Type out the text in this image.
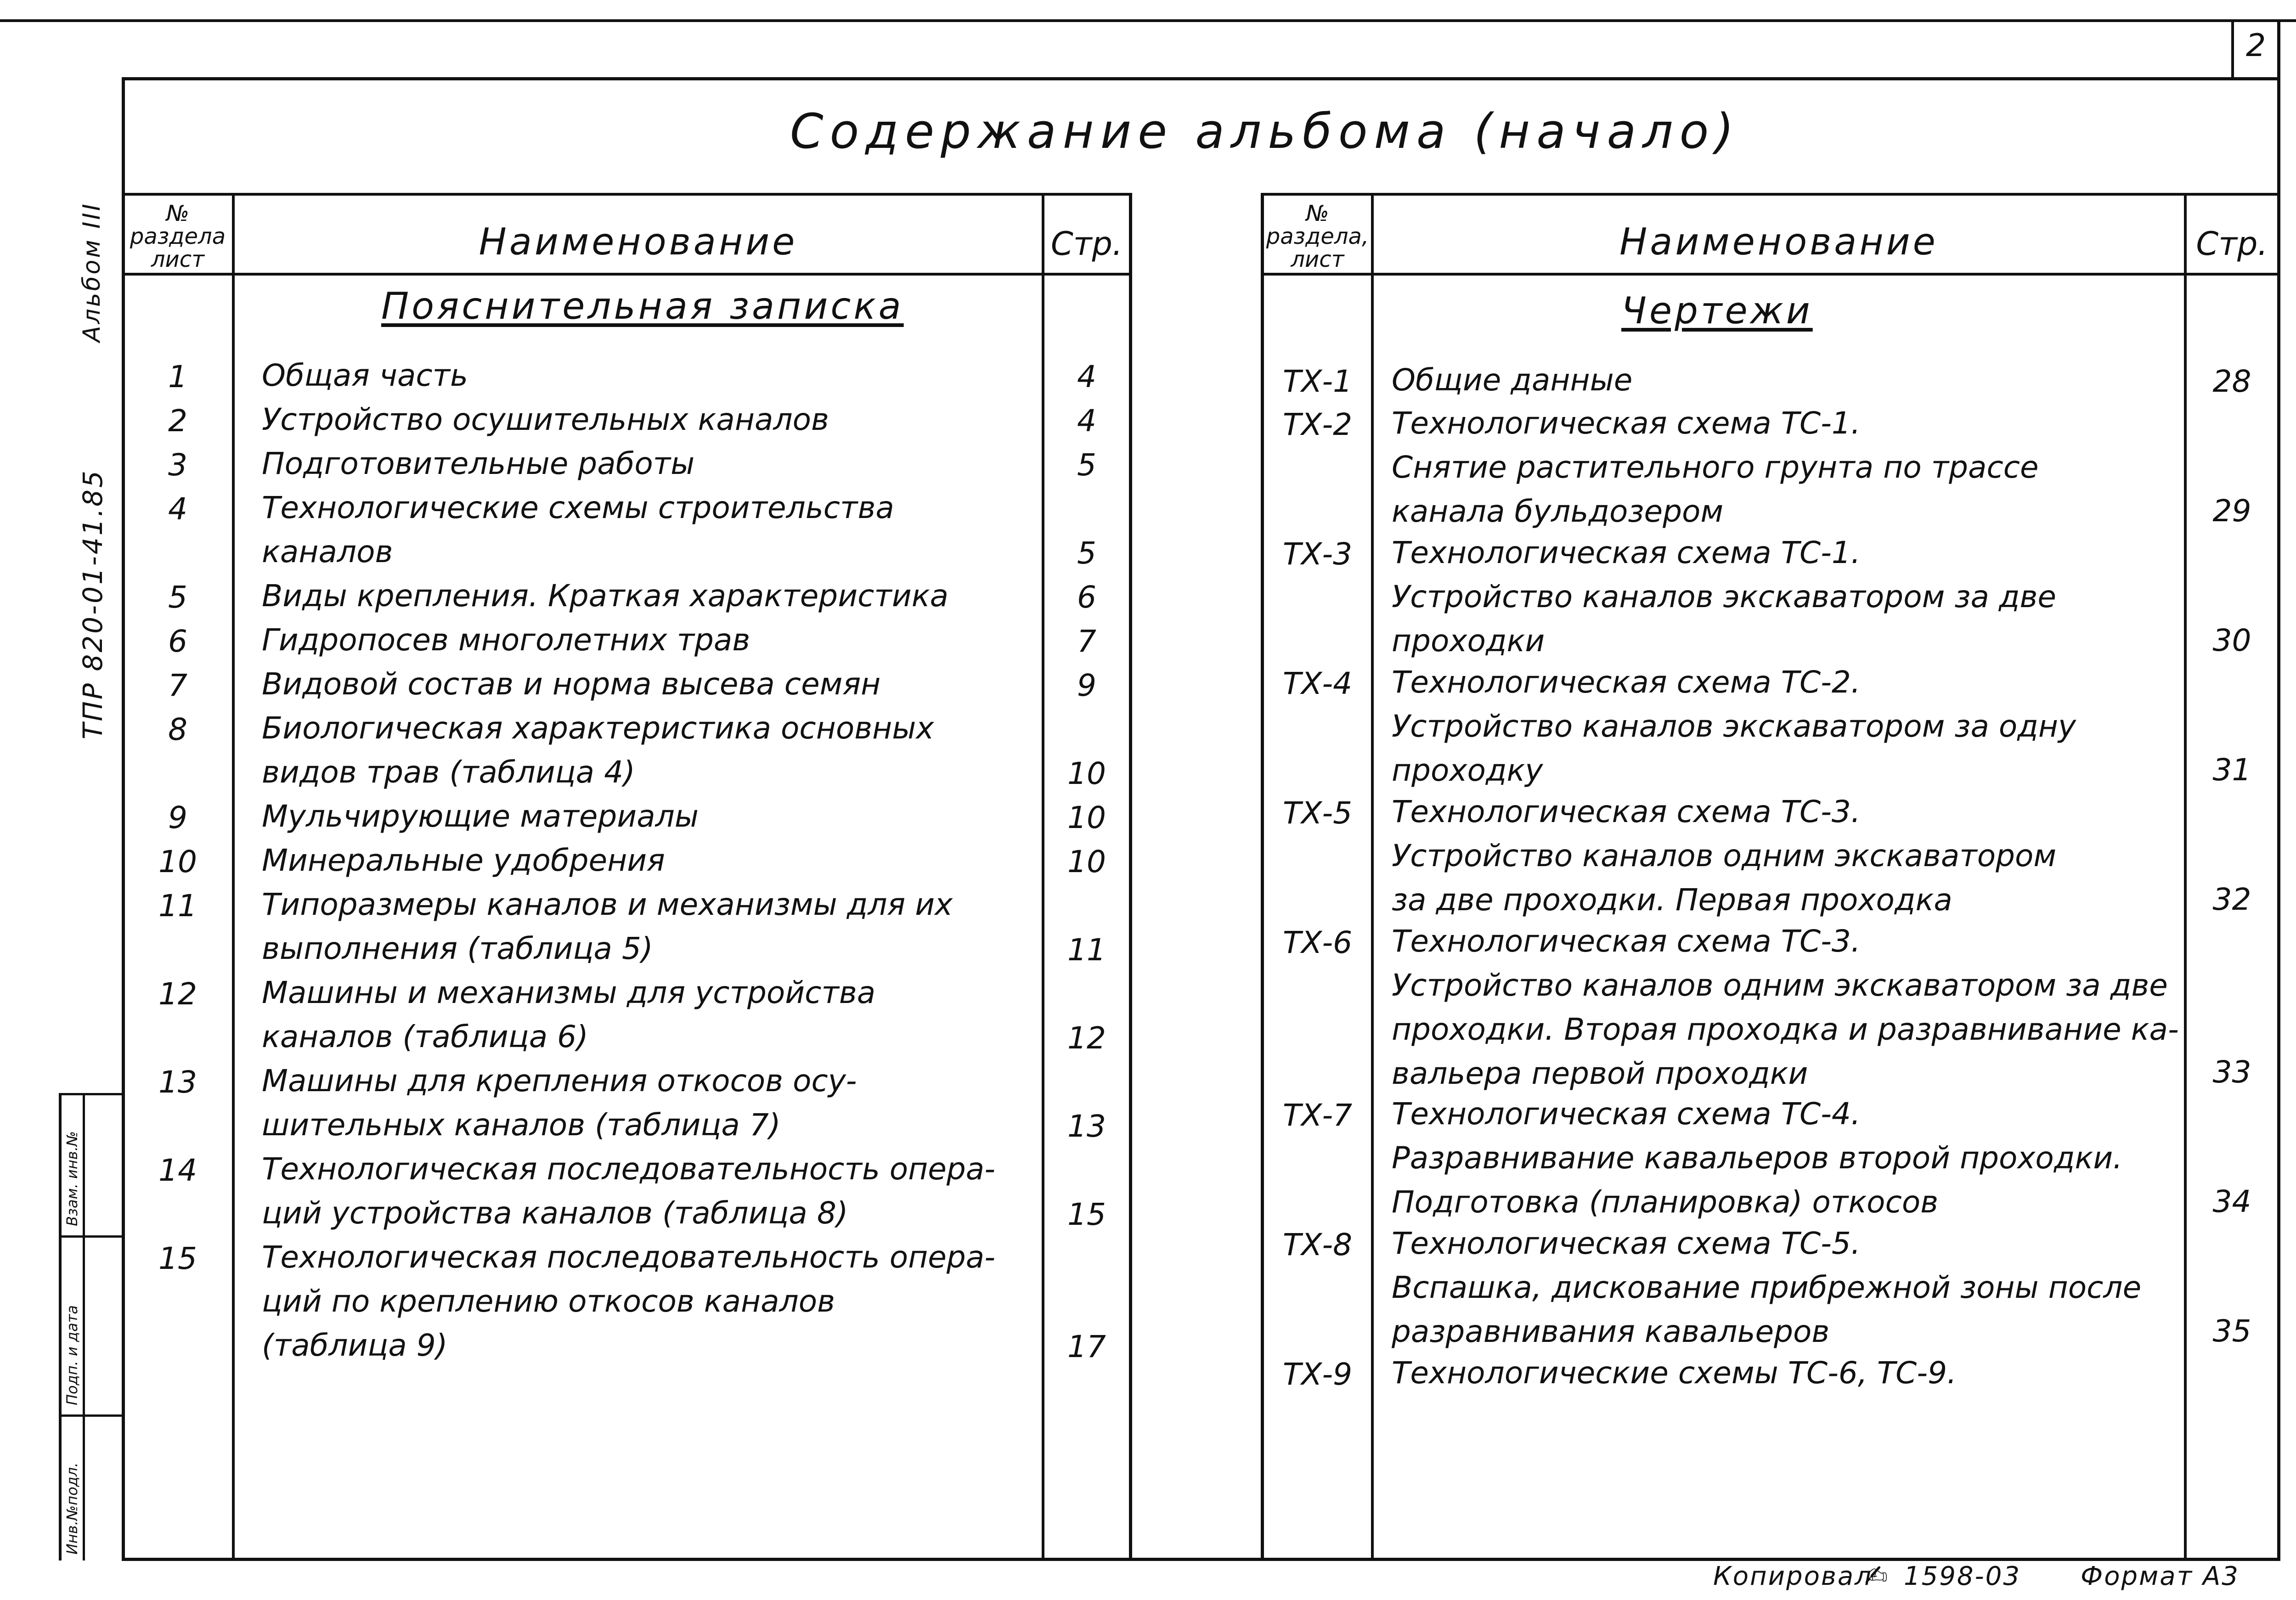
2
Содержание альбома (начало)
Альбом III
ТПР 820-01-41.85
Взам. инв.№
Подп. и дата
Инв.№подл.
№ раздела лист	Наименование	Стр.
Пояснительная записка
1	Общая часть	4
2	Устройство осушительных каналов	4
3	Подготовительные работы	5
4	Технологические схемы строительства
каналов	5
5	Виды крепления. Краткая характеристика	6
6	Гидропосев многолетних трав	7
7	Видовой состав и норма высева семян	9
8	Биологическая характеристика основных
видов трав (таблица 4)	10
9	Мульчирующие материалы	10
10	Минеральные удобрения	10
11	Типоразмеры каналов и механизмы для их
выполнения (таблица 5)	11
12	Машины и механизмы для устройства
каналов (таблица 6)	12
13	Машины для крепления откосов осу-
шительных каналов (таблица 7)	13
14	Технологическая последовательность опера-
ций устройства каналов (таблица 8)	15
15	Технологическая последовательность опера-
ций по креплению откосов каналов
(таблица 9)	17
№ раздела, лист	Наименование	Стр.
Чертежи
ТХ-1	Общие данные	28
ТХ-2	Технологическая схема ТС-1.
Снятие растительного грунта по трассе
канала бульдозером	29
ТХ-3	Технологическая схема ТС-1.
Устройство каналов экскаватором за две
проходки	30
ТХ-4	Технологическая схема ТС-2.
Устройство каналов экскаватором за одну
проходку	31
ТХ-5	Технологическая схема ТС-3.
Устройство каналов одним экскаватором
за две проходки. Первая проходка	32
ТХ-6	Технологическая схема ТС-3.
Устройство каналов одним экскаватором за две
проходки. Вторая проходка и разравнивание ка-
вальера первой проходки	33
ТХ-7	Технологическая схема ТС-4.
Разравнивание кавальеров второй проходки.
Подготовка (планировка) откосов	34
ТХ-8	Технологическая схема ТС-5.
Вспашка, дискование прибрежной зоны после
разравнивания кавальеров	35
ТХ-9	Технологические схемы ТС-6, ТС-9.
Копировал
✍ 1598-03 Формат А3
